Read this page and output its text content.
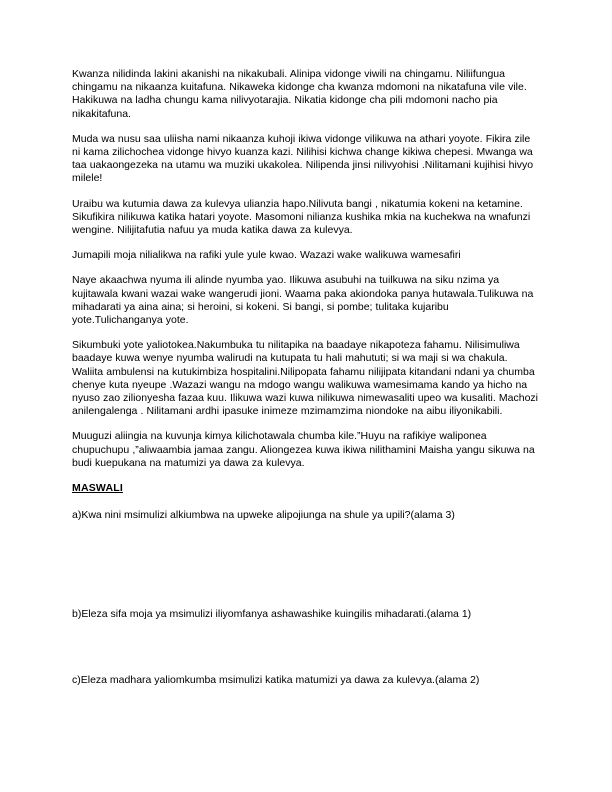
Kwanza nilidinda lakini akanishi na nikakubali. Alinipa vidonge viwili na chingamu. Niliifungua chingamu na nikaanza kuitafuna. Nikaweka kidonge cha kwanza mdomoni na nikatafuna vile vile. Hakikuwa na ladha chungu kama nilivyotarajia. Nikatia kidonge cha pili mdomoni nacho pia nikakitafuna.

Muda wa nusu saa uliisha nami nikaanza kuhoji ikiwa vidonge vilikuwa na athari yoyote. Fikira zile ni kama zilichochea vidonge hivyo kuanza kazi. Nilihisi kichwa change kikiwa chepesi. Mwanga wa taa uakaongezeka na utamu wa muziki ukakolea. Nilipenda jinsi nilivyohisi .Nilitamani kujihisi hivyo milele!

Uraibu wa kutumia dawa za kulevya ulianzia hapo.Nilivuta bangi , nikatumia kokeni na ketamine. Sikufikira nilikuwa katika hatari yoyote. Masomoni nilianza kushika mkia na kuchekwa na wnafunzi wengine. Nilijitafutia nafuu ya muda katika dawa za kulevya.

Jumapili moja nilialikwa na rafiki yule yule kwao. Wazazi wake walikuwa wamesafiri

Naye akaachwa nyuma ili alinde nyumba yao. Ilikuwa asubuhi na tuilkuwa na siku nzima ya kujitawala kwani wazai wake wangerudi jioni. Waama paka akiondoka panya hutawala.Tulikuwa na mihadarati ya aina aina; si heroini, si kokeni. Si bangi, si pombe; tulitaka kujaribu yote.Tulichanganya yote.

Sikumbuki yote yaliotokea.Nakumbuka tu nilitapika na baadaye nikapoteza fahamu. Nilisimuliwa baadaye kuwa wenye nyumba walirudi na kutupata tu hali mahututi; si wa maji si wa chakula. Waliita ambulensi na kutukimbiza hospitalini.Nilipopata fahamu nilijipata kitandani ndani ya chumba chenye kuta nyeupe .Wazazi wangu na mdogo wangu walikuwa wamesimama kando ya hicho na nyuso zao zilionyesha fazaa kuu. Ilikuwa wazi kuwa nilikuwa nimewasaliti upeo wa kusaliti. Machozi anilengalenga . Nilitamani ardhi ipasuke inimeze mzimamzima niondoke na aibu iliyonikabili.

Muuguzi aliingia na kuvunja kimya kilichotawala chumba kile.”Huyu na rafikiye waliponea chupuchupu ,”aliwaambia jamaa zangu. Aliongezea kuwa ikiwa nilithamini Maisha yangu sikuwa na budi kuepukana na matumizi ya dawa za kulevya.

MASWALI

a)Kwa nini msimulizi alkiumbwa na upweke alipojiunga na shule ya upili?(alama 3)

b)Eleza sifa moja ya msimulizi iliyomfanya ashawashike kuingilis mihadarati.(alama 1)

c)Eleza madhara yaliomkumba msimulizi katika matumizi ya dawa za kulevya.(alama 2)
